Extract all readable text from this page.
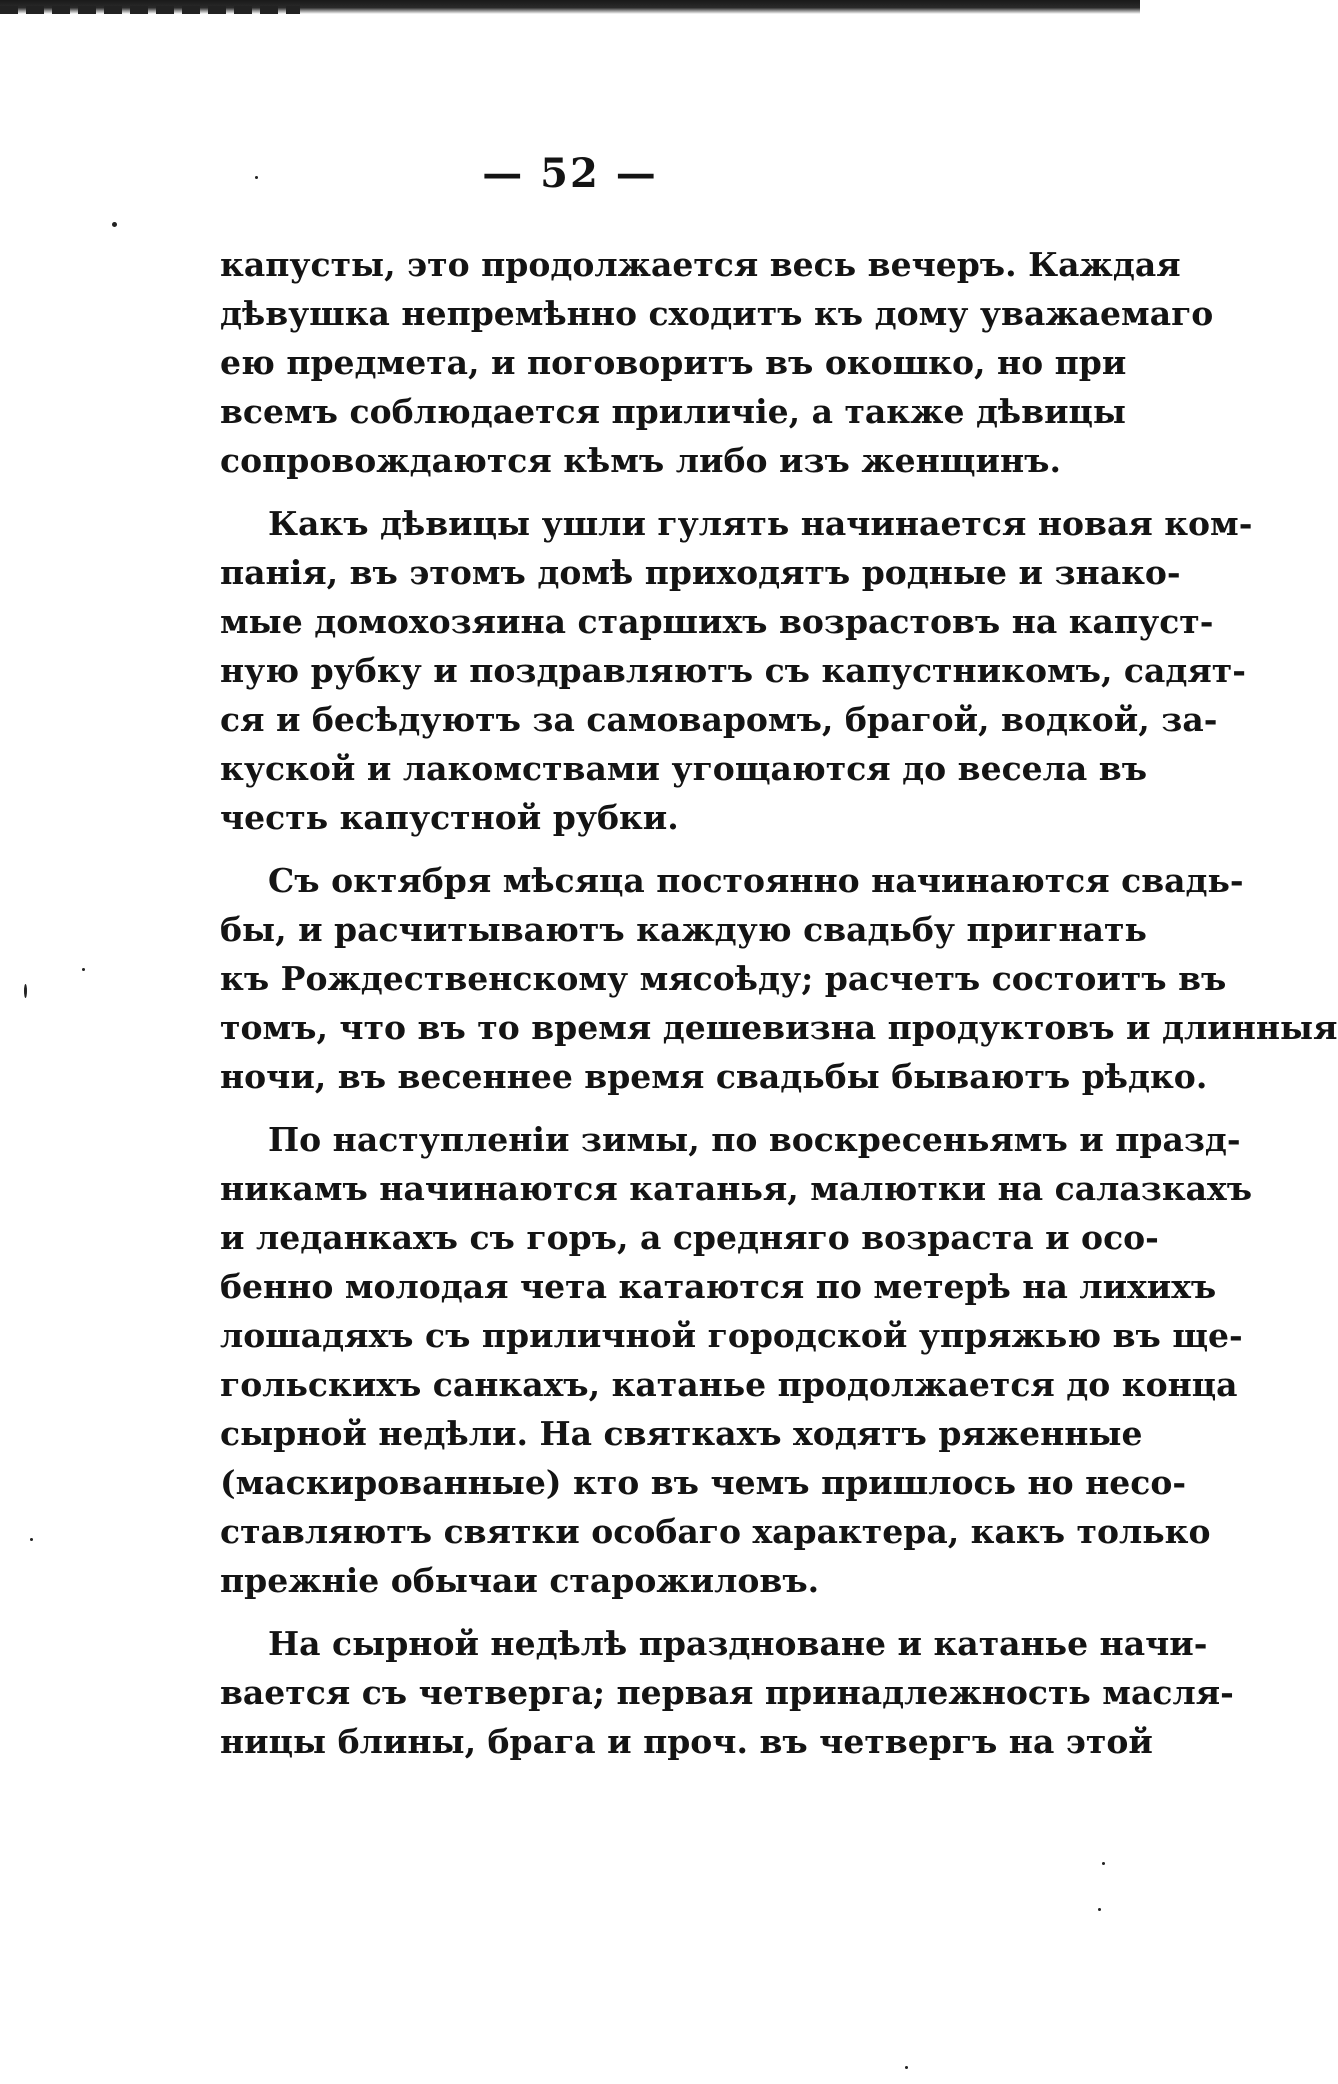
— 52 —
капусты, это продолжается весь вечеръ. Каждая
дѣвушка непремѣнно сходитъ къ дому уважаемаго
ею предмета, и поговоритъ въ окошко, но при
всемъ соблюдается приличіе, а также дѣвицы
сопровождаются кѣмъ либо изъ женщинъ.
Какъ дѣвицы ушли гулять начинается новая ком-
панія, въ этомъ домѣ приходятъ родные и знако-
мые домохозяина старшихъ возрастовъ на капуст-
ную рубку и поздравляютъ съ капустникомъ, садят-
ся и бесѣдуютъ за самоваромъ, брагой, водкой, за-
куской и лакомствами угощаются до весела въ
честь капустной рубки.
Съ октября мѣсяца постоянно начинаются свадь-
бы, и расчитываютъ каждую свадьбу пригнать
къ Рождественскому мясоѣду; расчетъ состоитъ въ
томъ, что въ то время дешевизна продуктовъ и длинныя
ночи, въ весеннее время свадьбы бываютъ рѣдко.
По наступленіи зимы, по воскресеньямъ и празд-
никамъ начинаются катанья, малютки на салазкахъ
и леданкахъ съ горъ, а средняго возраста и осо-
бенно молодая чета катаются по метерѣ на лихихъ
лошадяхъ съ приличной городской упряжью въ ще-
гольскихъ санкахъ, катанье продолжается до конца
сырной недѣли. На святкахъ ходятъ ряженные
(маскированные) кто въ чемъ пришлось но несо-
ставляютъ святки особаго характера, какъ только
прежніе обычаи старожиловъ.
На сырной недѣлѣ праздноване и катанье начи-
вается съ четверга; первая принадлежность масля-
ницы блины, брага и проч. въ четвергъ на этой
